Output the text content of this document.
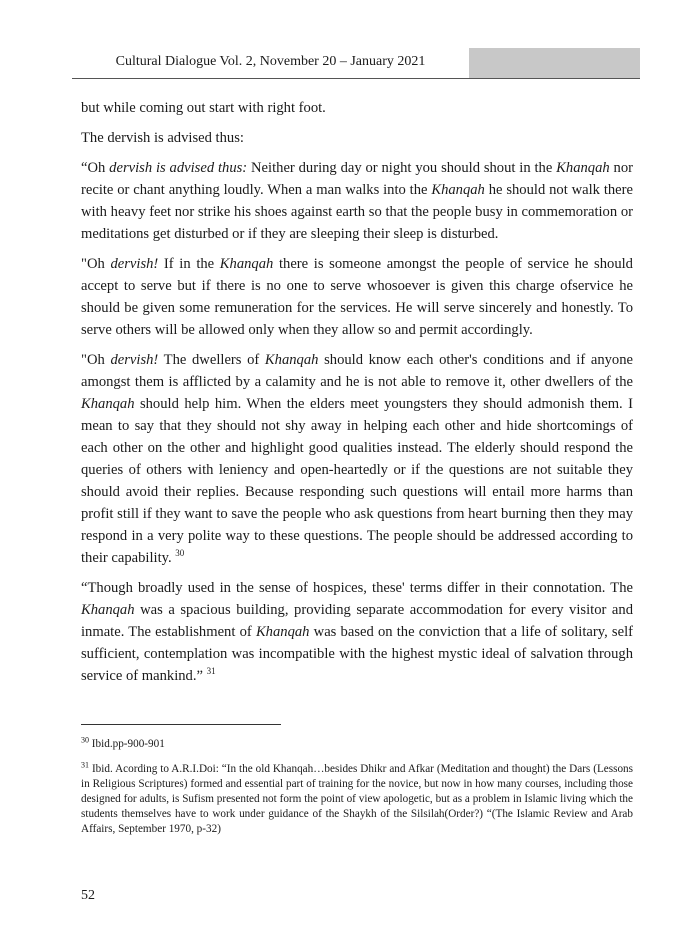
Cultural Dialogue Vol. 2, November 20 – January 2021

but while coming out start with right foot.

The dervish is advised thus:

“Oh dervish is advised thus: Neither during day or night you should shout in the Khanqah nor recite or chant anything loudly. When a man walks into the Khanqah he should not walk there with heavy feet nor strike his shoes against earth so that the people busy in commemoration or meditations get disturbed or if they are sleeping their sleep is disturbed.

"Oh dervish! If in the Khanqah there is someone amongst the people of service he should accept to serve but if there is no one to serve whosoever is given this charge ofservice he should be given some remuneration for the services. He will serve sincerely and honestly. To serve others will be allowed only when they allow so and permit accordingly.

"Oh dervish! The dwellers of Khanqah should know each other's conditions and if anyone amongst them is afflicted by a calamity and he is not able to remove it, other dwellers of the Khanqah should help him. When the elders meet youngsters they should admonish them. I mean to say that they should not shy away in helping each other and hide shortcomings of each other on the other and highlight good qualities instead. The elderly should respond the queries of others with leniency and open-heartedly or if the questions are not suitable they should avoid their replies. Because responding such questions will entail more harms than profit still if they want to save the people who ask questions from heart burning then they may respond in a very polite way to these questions. The people should be addressed according to their capability. $^{30}$

“Though broadly used in the sense of hospices, these' terms differ in their connotation. The Khanqah was a spacious building, providing separate accommodation for every visitor and inmate. The establishment of Khanqah was based on the conviction that a life of solitary, self sufficient, contemplation was incompatible with the highest mystic ideal of salvation through service of mankind.” $^{31}$

$^{30}$ Ibid.pp-900-901

$^{31}$ Ibid. Acording to A.R.I.Doi: “In the old Khanqah…besides Dhikr and Afkar (Meditation and thought) the Dars (Lessons in Religious Scriptures) formed and essential part of training for the novice, but now in how many courses, including those designed for adults, is Sufism presented not form the point of view apologetic, but as a problem in Islamic living which the students themselves have to work under guidance of the Shaykh of the Silsilah(Order?) “(The Islamic Review and Arab Affairs, September 1970, p-32)

52
